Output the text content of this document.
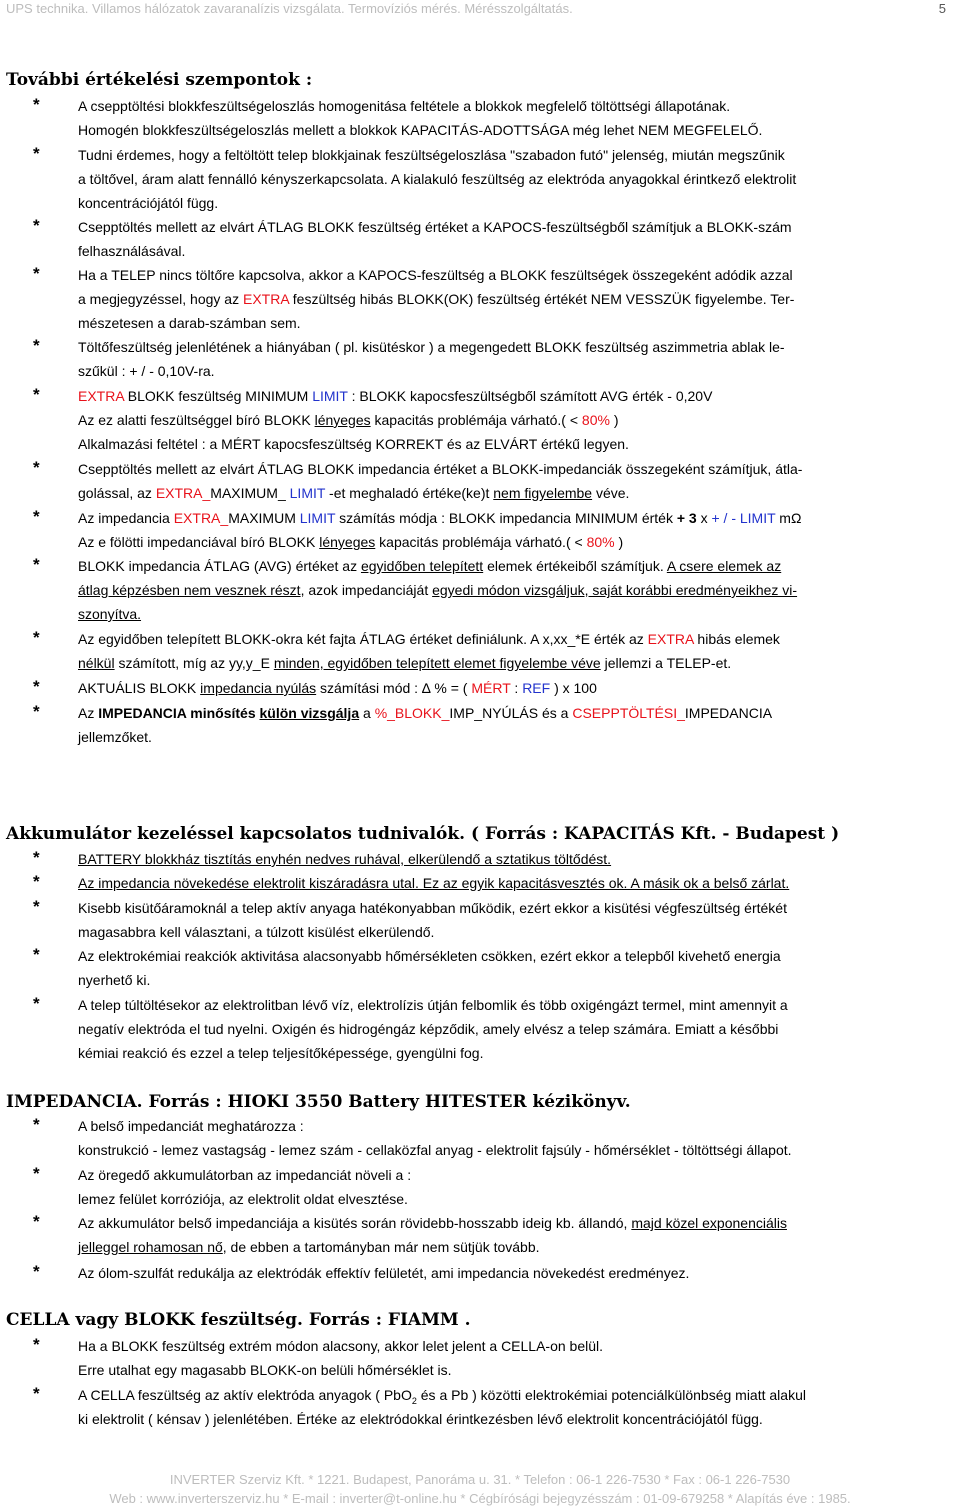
UPS technika. Villamos hálózatok zavaranalízis vizsgálata. Termovíziós mérés. Mérésszolgáltatás.	5
További értékelési szempontok :
*	A csepptöltési blokkfeszültségeloszlás homogenitása feltétele a blokkok megfelelő töltöttségi állapotának.
Homogén blokkfeszültségeloszlás mellett a blokkok KAPACITÁS-ADOTTSÁGA még lehet NEM MEGFELELŐ.
*	Tudni érdemes, hogy a feltöltött telep blokkjainak feszültségeloszlása "szabadon futó" jelenség, miután megszűnik
a töltővel, áram alatt fennálló kényszerkapcsolata. A kialakuló feszültség az elektróda anyagokkal érintkező elektrolit
koncentrációjától függ.
*	Csepptöltés mellett az elvárt ÁTLAG BLOKK feszültség értéket a KAPOCS-feszültségből számítjuk a BLOKK-szám
felhasználásával.
*	Ha a TELEP nincs töltőre kapcsolva, akkor a KAPOCS-feszültség a BLOKK feszültségek összegeként adódik azzal
a megjegyzéssel, hogy az EXTRA feszültség hibás BLOKK(OK) feszültség értékét NEM VESSZÜK figyelembe. Ter-
mészetesen a darab-számban sem.
*	Töltőfeszültség jelenlétének a hiányában ( pl. kisütéskor ) a megengedett BLOKK feszültség aszimmetria ablak le-
szűkül : + / - 0,10V-ra.
*	EXTRA BLOKK feszültség MINIMUM LIMIT : BLOKK kapocsfeszültségből számított AVG érték - 0,20V
Az ez alatti feszültséggel bíró BLOKK lényeges kapacitás problémája várható.( < 80% )
Alkalmazási feltétel : a MÉRT kapocsfeszültség KORREKT és az ELVÁRT értékű legyen.
*	Csepptöltés mellett az elvárt ÁTLAG BLOKK impedancia értéket a BLOKK-impedanciák összegeként számítjuk, átla-
golással, az EXTRA_MAXIMUM_ LIMIT -et meghaladó értéke(ke)t nem figyelembe véve.
*	Az impedancia EXTRA_MAXIMUM LIMIT számítás módja : BLOKK impedancia MINIMUM érték + 3 x + / - LIMIT mΩ
Az e fölötti impedanciával bíró BLOKK lényeges kapacitás problémája várható.( < 80% )
*	BLOKK impedancia ÁTLAG (AVG) értéket az egyidőben telepített elemek értékeiből számítjuk. A csere elemek az
átlag képzésben nem vesznek részt, azok impedanciáját egyedi módon vizsgáljuk, saját korábbi eredményeikhez vi-
szonyítva.
*	Az egyidőben telepített BLOKK-okra két fajta ÁTLAG értéket definiálunk. A x,xx_*E érték az EXTRA hibás elemek
nélkül számított, míg az yy,y_E minden, egyidőben telepített elemet figyelembe véve jellemzi a TELEP-et.
*	AKTUÁLIS BLOKK impedancia nyúlás számítási mód : ∆ % = ( MÉRT : REF ) x 100
*	Az IMPEDANCIA minősítés külön vizsgálja a %_BLOKK_IMP_NYÚLÁS és a CSEPPTÖLTÉSI_IMPEDANCIA
jellemzőket.
Akkumulátor kezeléssel kapcsolatos tudnivalók. ( Forrás : KAPACITÁS Kft. - Budapest )
*	BATTERY blokkház tisztítás enyhén nedves ruhával, elkerülendő a sztatikus töltődést.
*	Az impedancia növekedése elektrolit kiszáradásra utal. Ez az egyik kapacitásvesztés ok. A másik ok a belső zárlat.
*	Kisebb kisütőáramoknál a telep aktív anyaga hatékonyabban működik, ezért ekkor a kisütési végfeszültség értékét
magasabbra kell választani, a túlzott kisülést elkerülendő.
*	Az elektrokémiai reakciók aktivitása alacsonyabb hőmérsékleten csökken, ezért ekkor a telepből kivehető energia
nyerhető ki.
*	A telep túltöltésekor az elektrolitban lévő víz, elektrolízis útján felbomlik és több oxigéngázt termel, mint amennyit a
negatív elektróda el tud nyelni. Oxigén és hidrogéngáz képződik, amely elvész a telep számára. Emiatt a későbbi
kémiai reakció és ezzel a telep teljesítőképessége, gyengülni fog.
IMPEDANCIA. Forrás : HIOKI 3550 Battery HITESTER kézikönyv.
*	A belső impedanciát meghatározza :
konstrukció - lemez vastagság - lemez szám - cellaközfal anyag - elektrolit fajsúly - hőmérséklet - töltöttségi állapot.
*	Az öregedő akkumulátorban az impedanciát növeli a :
lemez felület korróziója, az elektrolit oldat elvesztése.
*	Az akkumulátor belső impedanciája a kisütés során rövidebb-hosszabb ideig kb. állandó, majd közel exponenciális
jelleggel rohamosan nő, de ebben a tartományban már nem sütjük tovább.
*	Az ólom-szulfát redukálja az elektródák effektív felületét, ami impedancia növekedést eredményez.
CELLA vagy BLOKK feszültség. Forrás : FIAMM .
*	Ha a BLOKK feszültség extrém módon alacsony, akkor lelet jelent a CELLA-on belül.
Erre utalhat egy magasabb BLOKK-on belüli hőmérséklet is.
*	A CELLA feszültség az aktív elektróda anyagok ( PbO$_2$ és a Pb ) közötti elektrokémiai potenciálkülönbség miatt alakul
ki elektrolit ( kénsav ) jelenlétében. Értéke az elektródokkal érintkezésben lévő elektrolit koncentrációjától függ.
INVERTER Szerviz Kft. * 1221. Budapest, Panoráma u. 31. * Telefon : 06-1 226-7530 * Fax : 06-1 226-7530
Web : www.inverterszerviz.hu * E-mail : inverter@t-online.hu * Cégbírósági bejegyzésszám : 01-09-679258 * Alapítás éve : 1985.
